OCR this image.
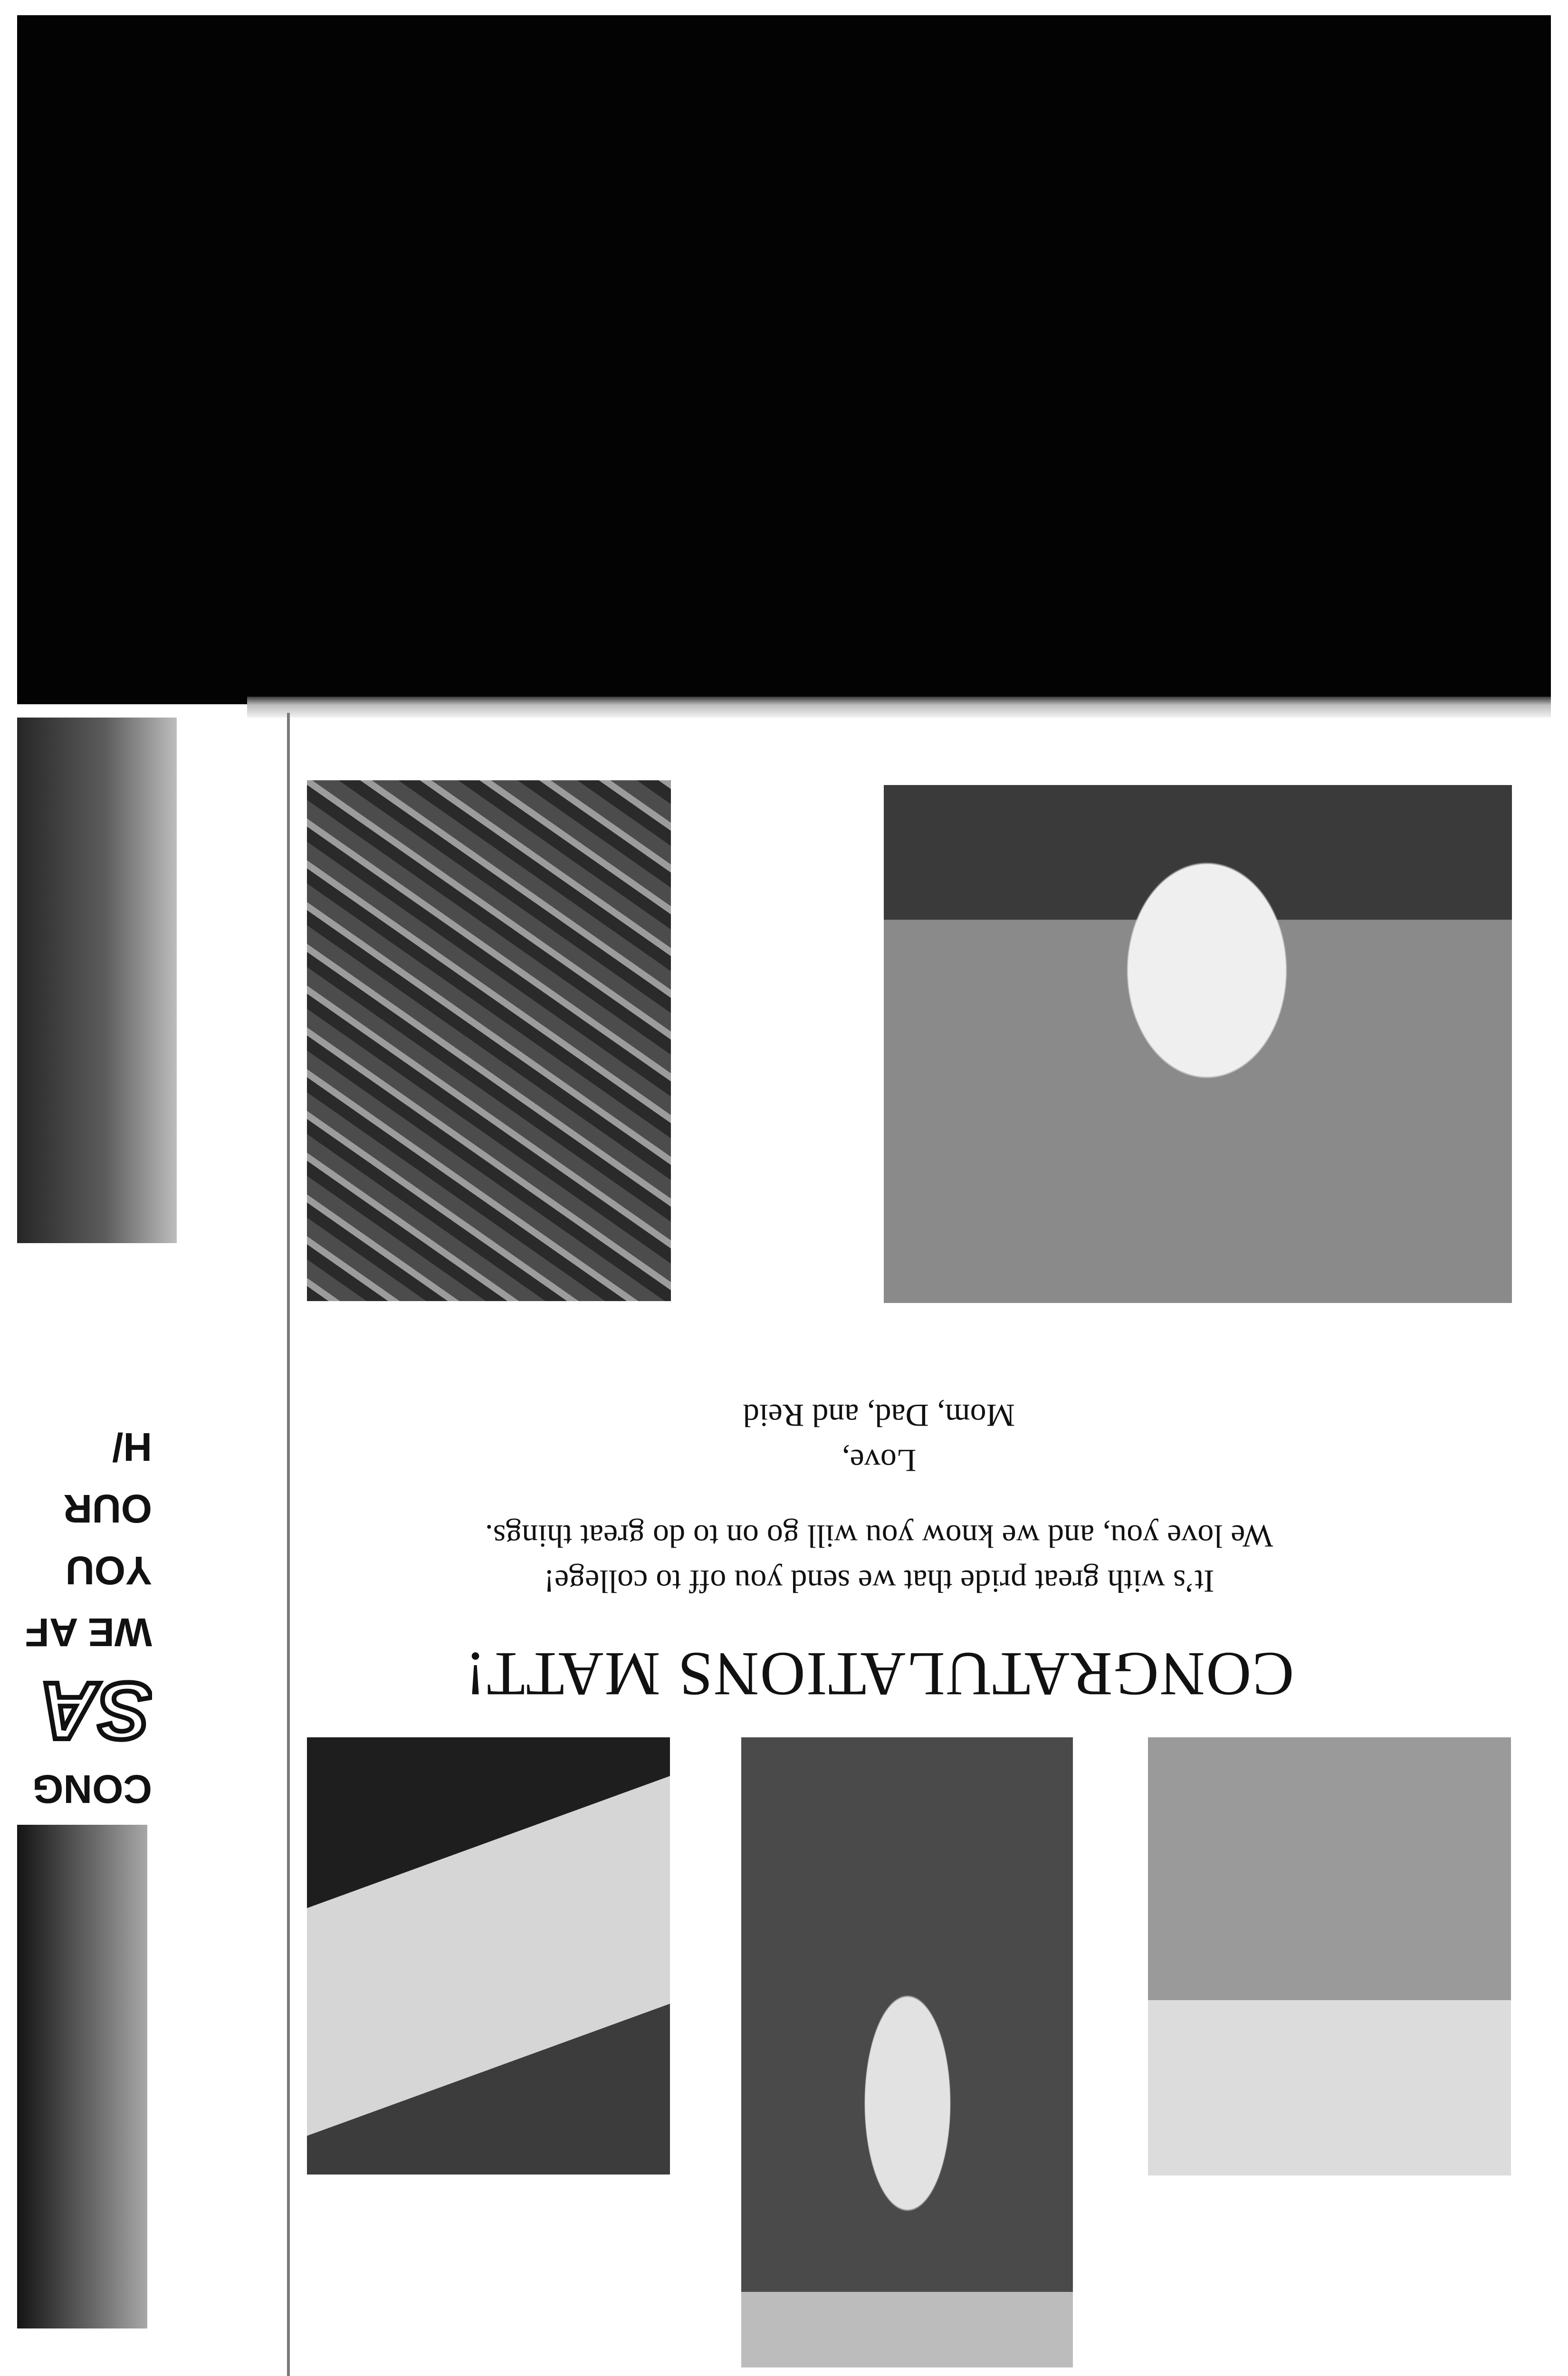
CONGRATULATIONS MATT!
It’s with great pride that we send you off to college!
We love you, and we know you will go on to do great things.
Love,
Mom, Dad, and Reid

CONG

SA

WE AF

YOU

OUR

H/
